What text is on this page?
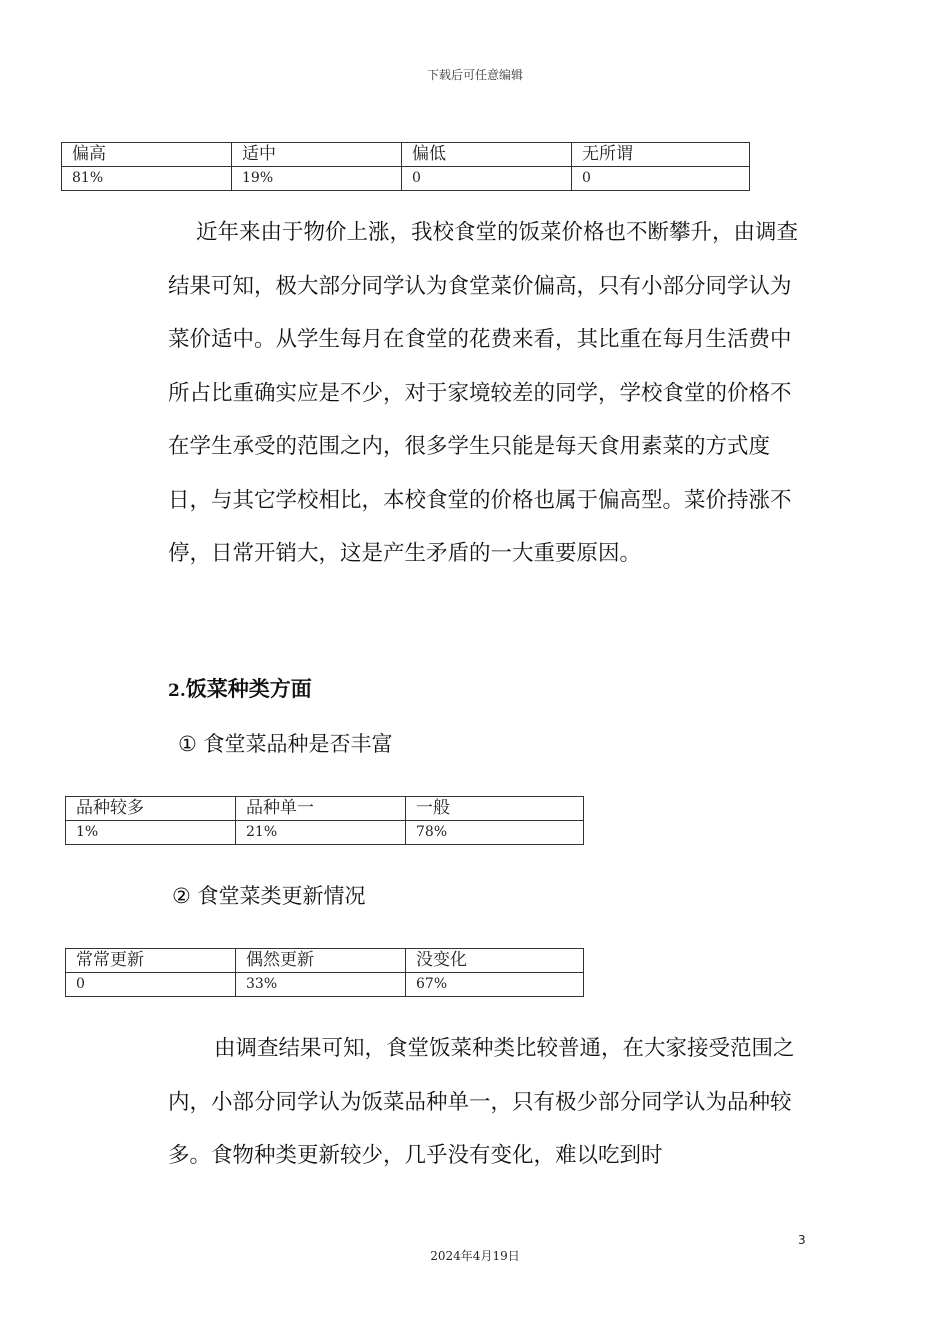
下载后可任意编辑
偏高	适中	偏低	无所谓
81%	19%	0	0

近年来由于物价上涨，我校食堂的饭菜价格也不断攀升，由调查结果可知，极大部分同学认为食堂菜价偏高，只有小部分同学认为菜价适中。从学生每月在食堂的花费来看，其比重在每月生活费中所占比重确实应是不少，对于家境较差的同学，学校食堂的价格不在学生承受的范围之内，很多学生只能是每天食用素菜的方式度日，与其它学校相比，本校食堂的价格也属于偏高型。菜价持涨不停，日常开销大，这是产生矛盾的一大重要原因。

2.饭菜种类方面
① 食堂菜品种是否丰富
品种较多	品种单一	一般
1%	21%	78%
② 食堂菜类更新情况
常常更新	偶然更新	没变化
0	33%	67%

由调查结果可知，食堂饭菜种类比较普通，在大家接受范围之内，小部分同学认为饭菜品种单一，只有极少部分同学认为品种较多。食物种类更新较少，几乎没有变化，难以吃到时

3
2024年4月19日
